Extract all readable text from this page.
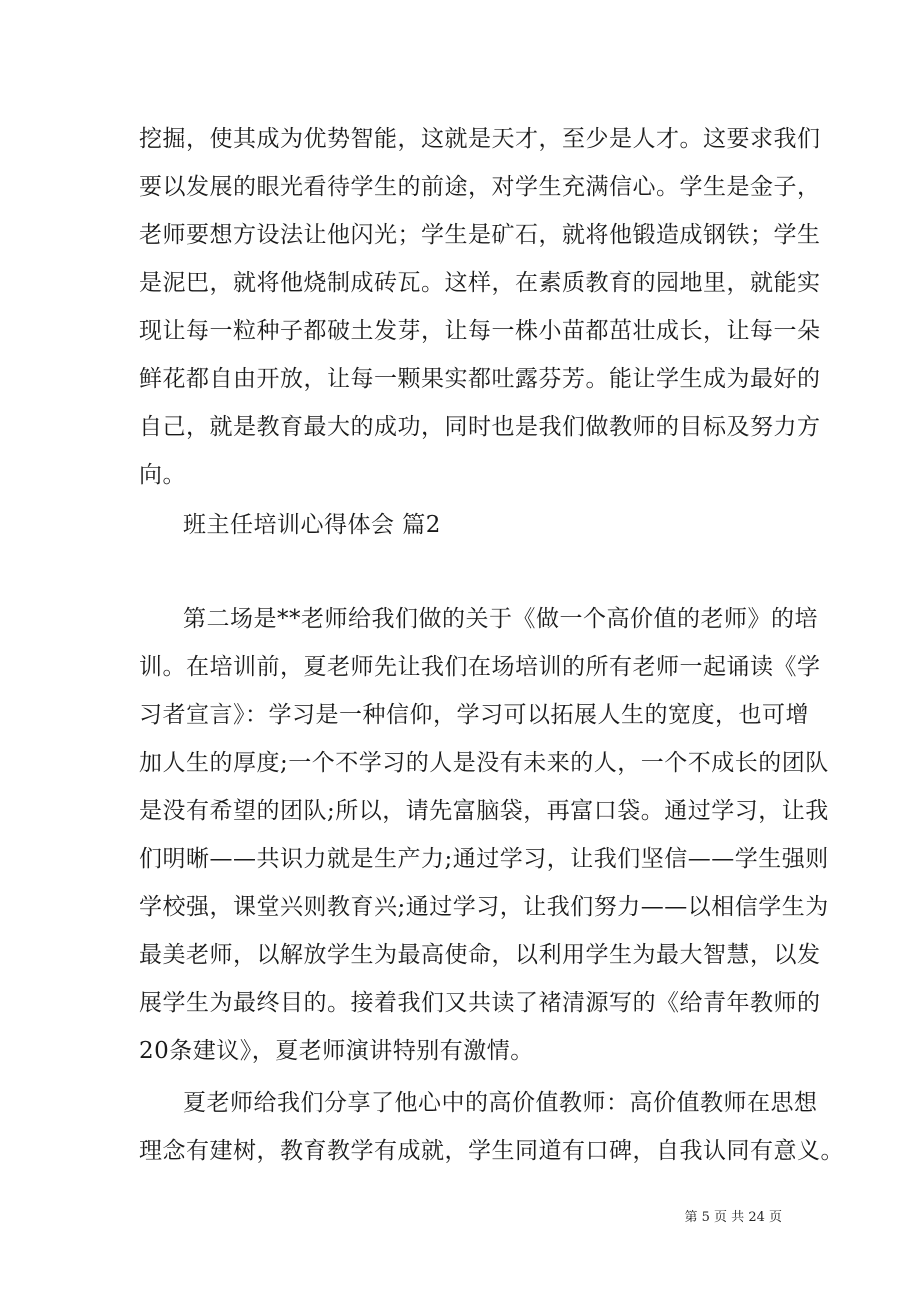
挖掘，使其成为优势智能，这就是天才，至少是人才。这要求我们
要以发展的眼光看待学生的前途，对学生充满信心。学生是金子，
老师要想方设法让他闪光；学生是矿石，就将他锻造成钢铁；学生
是泥巴，就将他烧制成砖瓦。这样，在素质教育的园地里，就能实
现让每一粒种子都破土发芽，让每一株小苗都茁壮成长，让每一朵
鲜花都自由开放，让每一颗果实都吐露芬芳。能让学生成为最好的
自己，就是教育最大的成功，同时也是我们做教师的目标及努力方
向。
班主任培训心得体会 篇2
第二场是**老师给我们做的关于《做一个高价值的老师》的培
训。在培训前，夏老师先让我们在场培训的所有老师一起诵读《学
习者宣言》：学习是一种信仰，学习可以拓展人生的宽度，也可增
加人生的厚度;一个不学习的人是没有未来的人，一个不成长的团队
是没有希望的团队;所以，请先富脑袋，再富口袋。通过学习，让我
们明晰——共识力就是生产力;通过学习，让我们坚信——学生强则
学校强，课堂兴则教育兴;通过学习，让我们努力——以相信学生为
最美老师，以解放学生为最高使命，以利用学生为最大智慧，以发
展学生为最终目的。接着我们又共读了褚清源写的《给青年教师的
20条建议》，夏老师演讲特别有激情。
夏老师给我们分享了他心中的高价值教师：高价值教师在思想
理念有建树，教育教学有成就，学生同道有口碑，自我认同有意义。
第 5 页 共 24 页
